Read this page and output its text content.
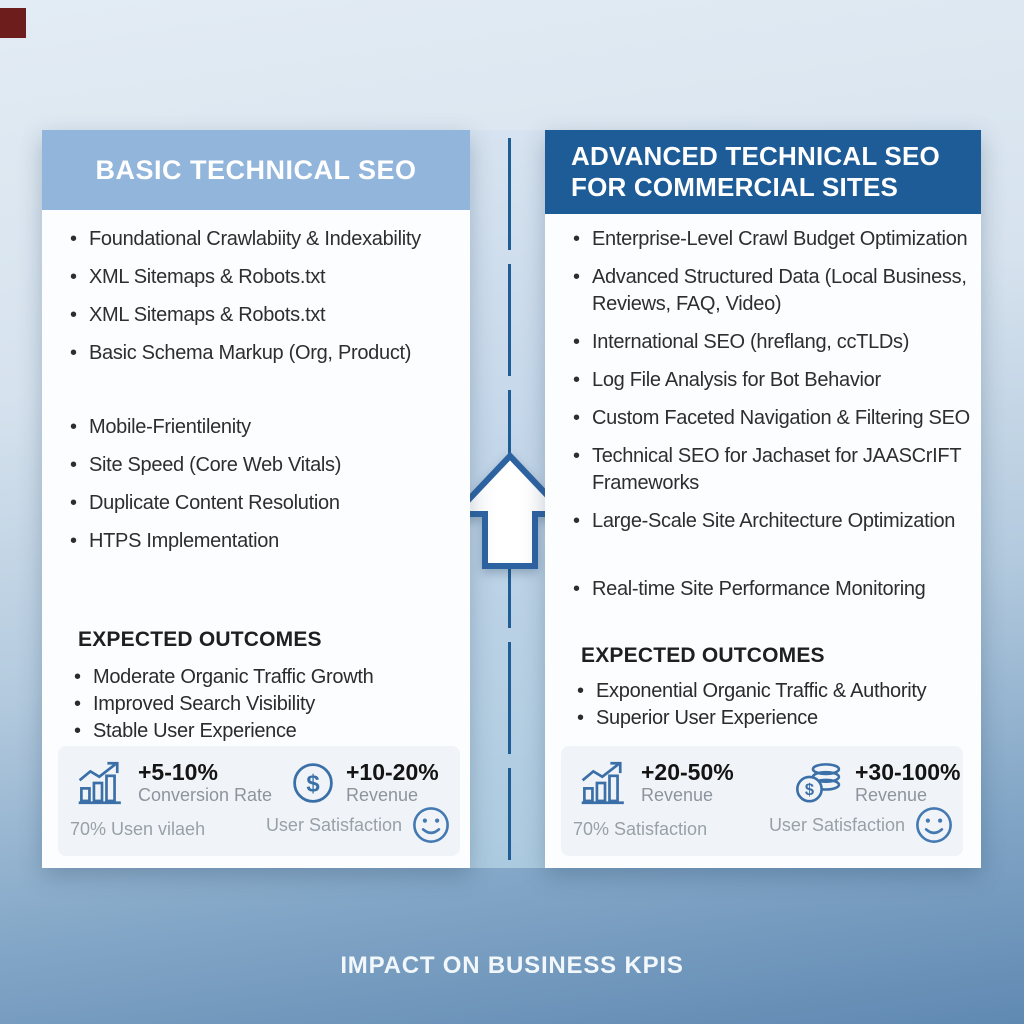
BASIC TECHNICAL SEO
• Foundational Crawlabiity & Indexability
• XML Sitemaps & Robots.txt
• XML Sitemaps & Robots.txt
• Basic Schema Markup (Org, Product)
• Mobile-Frientilenity
• Site Speed (Core Web Vitals)
• Duplicate Content Resolution
• HTPS Implementation
EXPECTED OUTCOMES
• Moderate Organic Traffic Growth
• Improved Search Visibility
• Stable User Experience
+5-10%
Conversion Rate $ +10-20%
Revenue
70% Usen vilaeh	User Satisfaction
ADVANCED TECHNICAL SEO
FOR COMMERCIAL SITES
• Enterprise-Level Crawl Budget Optimization
• Advanced Structured Data (Local Business, Reviews, FAQ, Video)
• International SEO (hreflang, ccTLDs)
• Log File Analysis for Bot Behavior
• Custom Faceted Navigation & Filtering SEO
• Technical SEO for Jachaset for JAASCrIFT Frameworks
• Large-Scale Site Architecture Optimization
• Real-time Site Performance Monitoring
EXPECTED OUTCOMES
• Exponential Organic Traffic & Authority
• Superior User Experience
+20-50%
Revenue	$
+30-100%
Revenue
70% Satisfaction	User Satisfaction
IMPACT ON BUSINESS KPIS
